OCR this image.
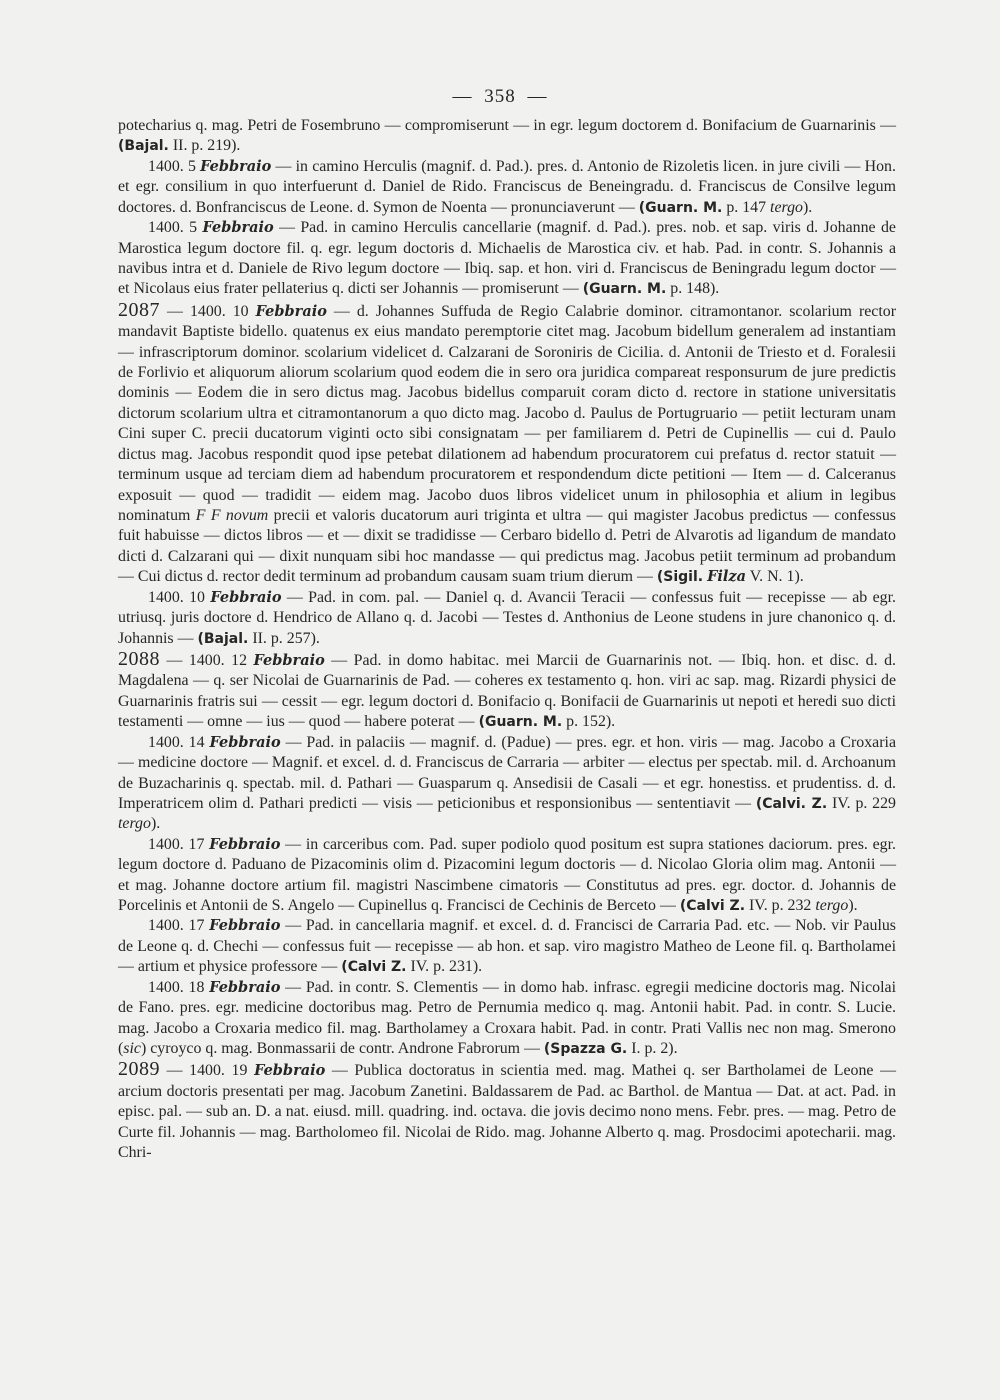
— 358 —

potecharius q. mag. Petri de Fosembruno — compromiserunt — in egr. legum doctorem d. Bonifacium de Guarnarinis — (Bajal. II. p. 219).

1400. 5 Febbraio — in camino Herculis (magnif. d. Pad.). pres. d. Antonio de Rizoletis licen. in jure civili — Hon. et egr. consilium in quo interfuerunt d. Daniel de Rido. Franciscus de Beneingradu. d. Franciscus de Consilve legum doctores. d. Bonfranciscus de Leone. d. Symon de Noenta — pronunciaverunt — (Guarn. M. p. 147 tergo).

1400. 5 Febbraio — Pad. in camino Herculis cancellarie (magnif. d. Pad.). pres. nob. et sap. viris d. Johanne de Marostica legum doctore fil. q. egr. legum doctoris d. Michaelis de Marostica civ. et hab. Pad. in contr. S. Johannis a navibus intra et d. Daniele de Rivo legum doctore — Ibiq. sap. et hon. viri d. Franciscus de Beningradu legum doctor — et Nicolaus eius frater pellaterius q. dicti ser Johannis — promiserunt — (Guarn. M. p. 148).

2087 — 1400. 10 Febbraio — d. Johannes Suffuda de Regio Calabrie dominor. citramontanor. scolarium rector mandavit Baptiste bidello. quatenus ex eius mandato peremptorie citet mag. Jacobum bidellum generalem ad instantiam — infrascriptorum dominor. scolarium videlicet d. Calzarani de Soroniris de Cicilia. d. Antonii de Triesto et d. Foralesii de Forlivio et aliquorum aliorum scolarium quod eodem die in sero ora juridica compareat responsurum de jure predictis dominis — Eodem die in sero dictus mag. Jacobus bidellus comparuit coram dicto d. rectore in statione universitatis dictorum scolarium ultra et citramontanorum a quo dicto mag. Jacobo d. Paulus de Portugruario — petiit lecturam unam Cini super C. precii ducatorum viginti octo sibi consignatam — per familiarem d. Petri de Cupinellis — cui d. Paulo dictus mag. Jacobus respondit quod ipse petebat dilationem ad habendum procuratorem cui prefatus d. rector statuit — terminum usque ad terciam diem ad habendum procuratorem et respondendum dicte petitioni — Item — d. Calceranus exposuit — quod — tradidit — eidem mag. Jacobo duos libros videlicet unum in philosophia et alium in legibus nominatum F F novum precii et valoris ducatorum auri triginta et ultra — qui magister Jacobus predictus — confessus fuit habuisse — dictos libros — et — dixit se tradidisse — Cerbaro bidello d. Petri de Alvarotis ad ligandum de mandato dicti d. Calzarani qui — dixit nunquam sibi hoc mandasse — qui predictus mag. Jacobus petiit terminum ad probandum — Cui dictus d. rector dedit terminum ad probandum causam suam trium dierum — (Sigil. Filza V. N. 1).

1400. 10 Febbraio — Pad. in com. pal. — Daniel q. d. Avancii Teracii — confessus fuit — recepisse — ab egr. utriusq. juris doctore d. Hendrico de Allano q. d. Jacobi — Testes d. Anthonius de Leone studens in jure chanonico q. d. Johannis — (Bajal. II. p. 257).

2088 — 1400. 12 Febbraio — Pad. in domo habitac. mei Marcii de Guarnarinis not. — Ibiq. hon. et disc. d. d. Magdalena — q. ser Nicolai de Guarnarinis de Pad. — coheres ex testamento q. hon. viri ac sap. mag. Rizardi physici de Guarnarinis fratris sui — cessit — egr. legum doctori d. Bonifacio q. Bonifacii de Guarnarinis ut nepoti et heredi suo dicti testamenti — omne — ius — quod — habere poterat — (Guarn. M. p. 152).

1400. 14 Febbraio — Pad. in palaciis — magnif. d. (Padue) — pres. egr. et hon. viris — mag. Jacobo a Croxaria — medicine doctore — Magnif. et excel. d. d. Franciscus de Carraria — arbiter — electus per spectab. mil. d. Archoanum de Buzacharinis q. spectab. mil. d. Pathari — Guasparum q. Ansedisii de Casali — et egr. honestiss. et prudentiss. d. d. Imperatricem olim d. Pathari predicti — visis — peticionibus et responsionibus — sententiavit — (Calvi. Z. IV. p. 229 tergo).

1400. 17 Febbraio — in carceribus com. Pad. super podiolo quod positum est supra stationes daciorum. pres. egr. legum doctore d. Paduano de Pizacominis olim d. Pizacomini legum doctoris — d. Nicolao Gloria olim mag. Antonii — et mag. Johanne doctore artium fil. magistri Nascimbene cimatoris — Constitutus ad pres. egr. doctor. d. Johannis de Porcelinis et Antonii de S. Angelo — Cupinellus q. Francisci de Cechinis de Berceto — (Calvi Z. IV. p. 232 tergo).

1400. 17 Febbraio — Pad. in cancellaria magnif. et excel. d. d. Francisci de Carraria Pad. etc. — Nob. vir Paulus de Leone q. d. Chechi — confessus fuit — recepisse — ab hon. et sap. viro magistro Matheo de Leone fil. q. Bartholamei — artium et physice professore — (Calvi Z. IV. p. 231).

1400. 18 Febbraio — Pad. in contr. S. Clementis — in domo hab. infrasc. egregii medicine doctoris mag. Nicolai de Fano. pres. egr. medicine doctoribus mag. Petro de Pernumia medico q. mag. Antonii habit. Pad. in contr. S. Lucie. mag. Jacobo a Croxaria medico fil. mag. Bartholamey a Croxara habit. Pad. in contr. Prati Vallis nec non mag. Smerono (sic) cyroyco q. mag. Bonmassarii de contr. Androne Fabrorum — (Spazza G. I. p. 2).

2089 — 1400. 19 Febbraio — Publica doctoratus in scientia med. mag. Mathei q. ser Bartholamei de Leone — arcium doctoris presentati per mag. Jacobum Zanetini. Baldassarem de Pad. ac Barthol. de Mantua — Dat. at act. Pad. in episc. pal. — sub an. D. a nat. eiusd. mill. quadring. ind. octava. die jovis decimo nono mens. Febr. pres. — mag. Petro de Curte fil. Johannis — mag. Bartholomeo fil. Nicolai de Rido. mag. Johanne Alberto q. mag. Prosdocimi apotecharii. mag. Chri-
